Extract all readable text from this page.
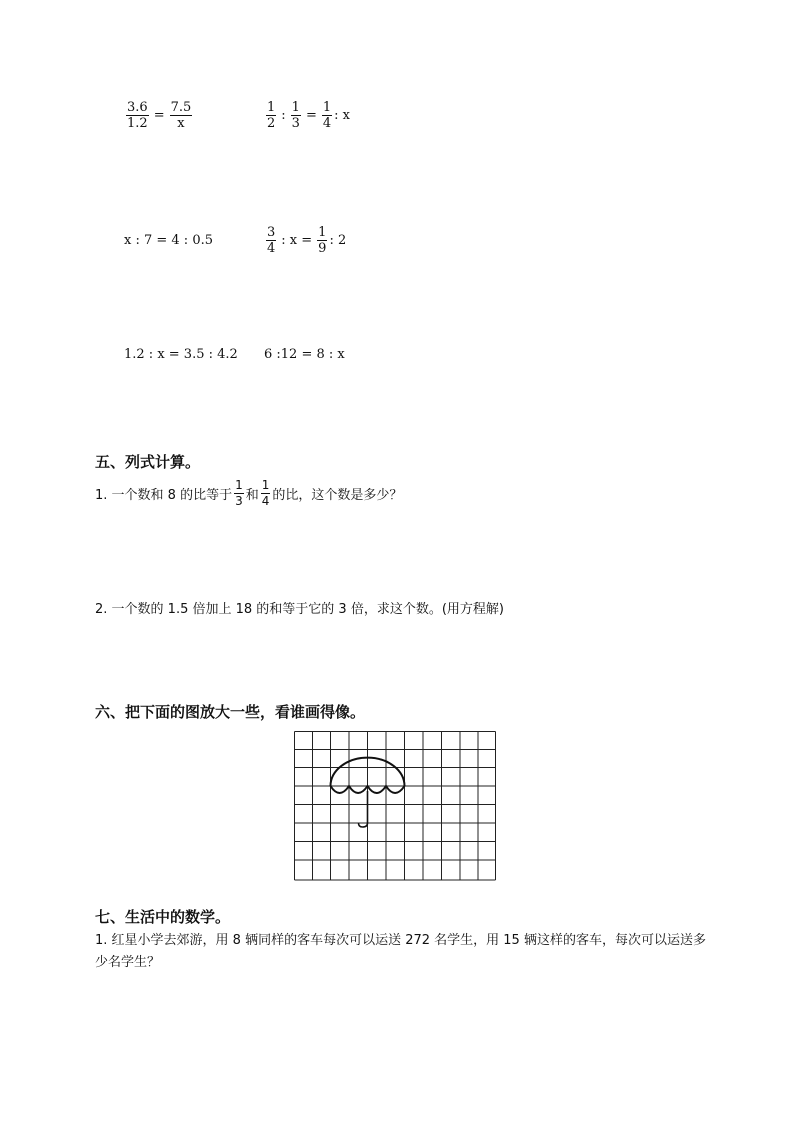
$\frac{3.6}{1.2} = \frac{7.5}{x}$	$\frac{1}{2}$ : $\frac{1}{3} = \frac{1}{4}$ : x
x : 7 = 4 : 0.5	$\frac{3}{4}$ : $x = \frac{1}{9}$ : 2
1.2 : x = 3.5 : 4.2 6 :12 = 8 : x
五、列式计算。
1. 一个数和 8 的比等于 $\frac{1}{3}$ 和 $\frac{1}{4}$ 的比，这个数是多少？
2. 一个数的 1.5 倍加上 18 的和等于它的 3 倍，求这个数。(用方程解)
六、把下面的图放大一些，看谁画得像。
七、生活中的数学。
1. 红星小学去郊游，用 8 辆同样的客车每次可以运送 272 名学生，用 15 辆这样的客车，每次可以运送多少名学生？
